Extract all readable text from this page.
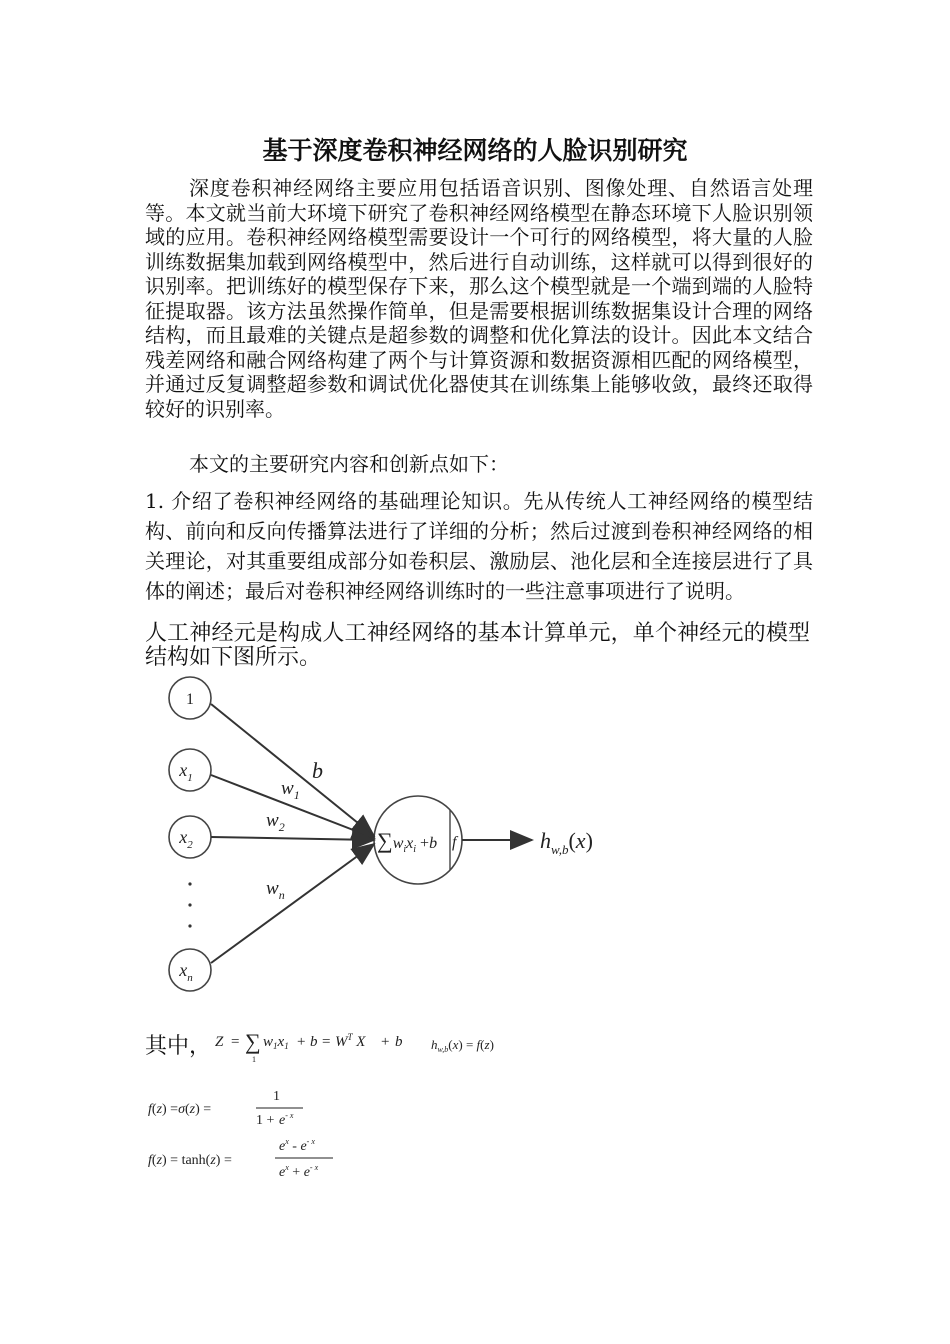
基于深度卷积神经网络的人脸识别研究

深度卷积神经网络主要应用包括语音识别、图像处理、自然语言处理等。本文就当前大环境下研究了卷积神经网络模型在静态环境下人脸识别领域的应用。卷积神经网络模型需要设计一个可行的网络模型，将大量的人脸训练数据集加载到网络模型中，然后进行自动训练，这样就可以得到很好的识别率。把训练好的模型保存下来，那么这个模型就是一个端到端的人脸特征提取器。该方法虽然操作简单，但是需要根据训练数据集设计合理的网络结构，而且最难的关键点是超参数的调整和优化算法的设计。因此本文结合残差网络和融合网络构建了两个与计算资源和数据资源相匹配的网络模型，并通过反复调整超参数和调试优化器使其在训练集上能够收敛，最终还取得较好的识别率。

本文的主要研究内容和创新点如下：

1. 介绍了卷积神经网络的基础理论知识。先从传统人工神经网络的模型结构、前向和反向传播算法进行了详细的分析；然后过渡到卷积神经网络的相关理论，对其重要组成部分如卷积层、激励层、池化层和全连接层进行了具体的阐述；最后对卷积神经网络训练时的一些注意事项进行了说明。

人工神经元是构成人工神经网络的基本计算单元，单个神经元的模型结构如下图所示。

1
$x_1$
$x_2$
$x_n$
b
$w_1$
$w_2$
$w_n$
$\sum w_ix_i +b$ f	$h_{w,b}(x)$
其中， Z = ∑
1
$w_1x_1 + b = W^T$ X + b $h_{w,b}(x) = f(z)$
f(z) =σ(z) =
1
$1 + e^{- x}$
f(z) = tanh(z) =
$e^x - e^{- x}$
$e^x + e^{- x}$
